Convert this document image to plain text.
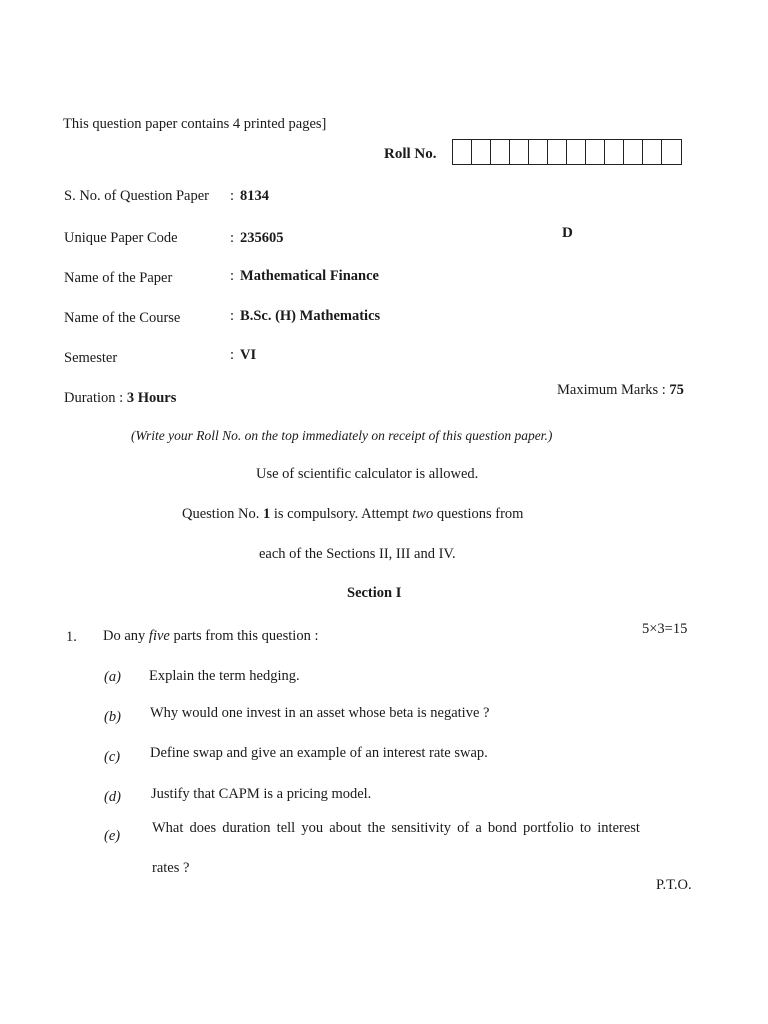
This question paper contains 4 printed pages]
Roll No.
S. No. of Question Paper : 8134
Unique Paper Code	: 235605	D
Name of the Paper	: Mathematical Finance
Name of the Course	: B.Sc. (H) Mathematics
Semester	: VI
Duration : 3 Hours	Maximum Marks : 75
(Write your Roll No. on the top immediately on receipt of this question paper.)
Use of scientific calculator is allowed.
Question No. 1 is compulsory. Attempt two questions from
each of the Sections II, III and IV.
Section I
1. Do any five parts from this question :	5×3=15
(a) Explain the term hedging.
(b) Why would one invest in an asset whose beta is negative ?
(c) Define swap and give an example of an interest rate swap.
(d) Justify that CAPM is a pricing model.
(e) What does duration tell you about the sensitivity of a bond portfolio to interest
rates ?
P.T.O.
